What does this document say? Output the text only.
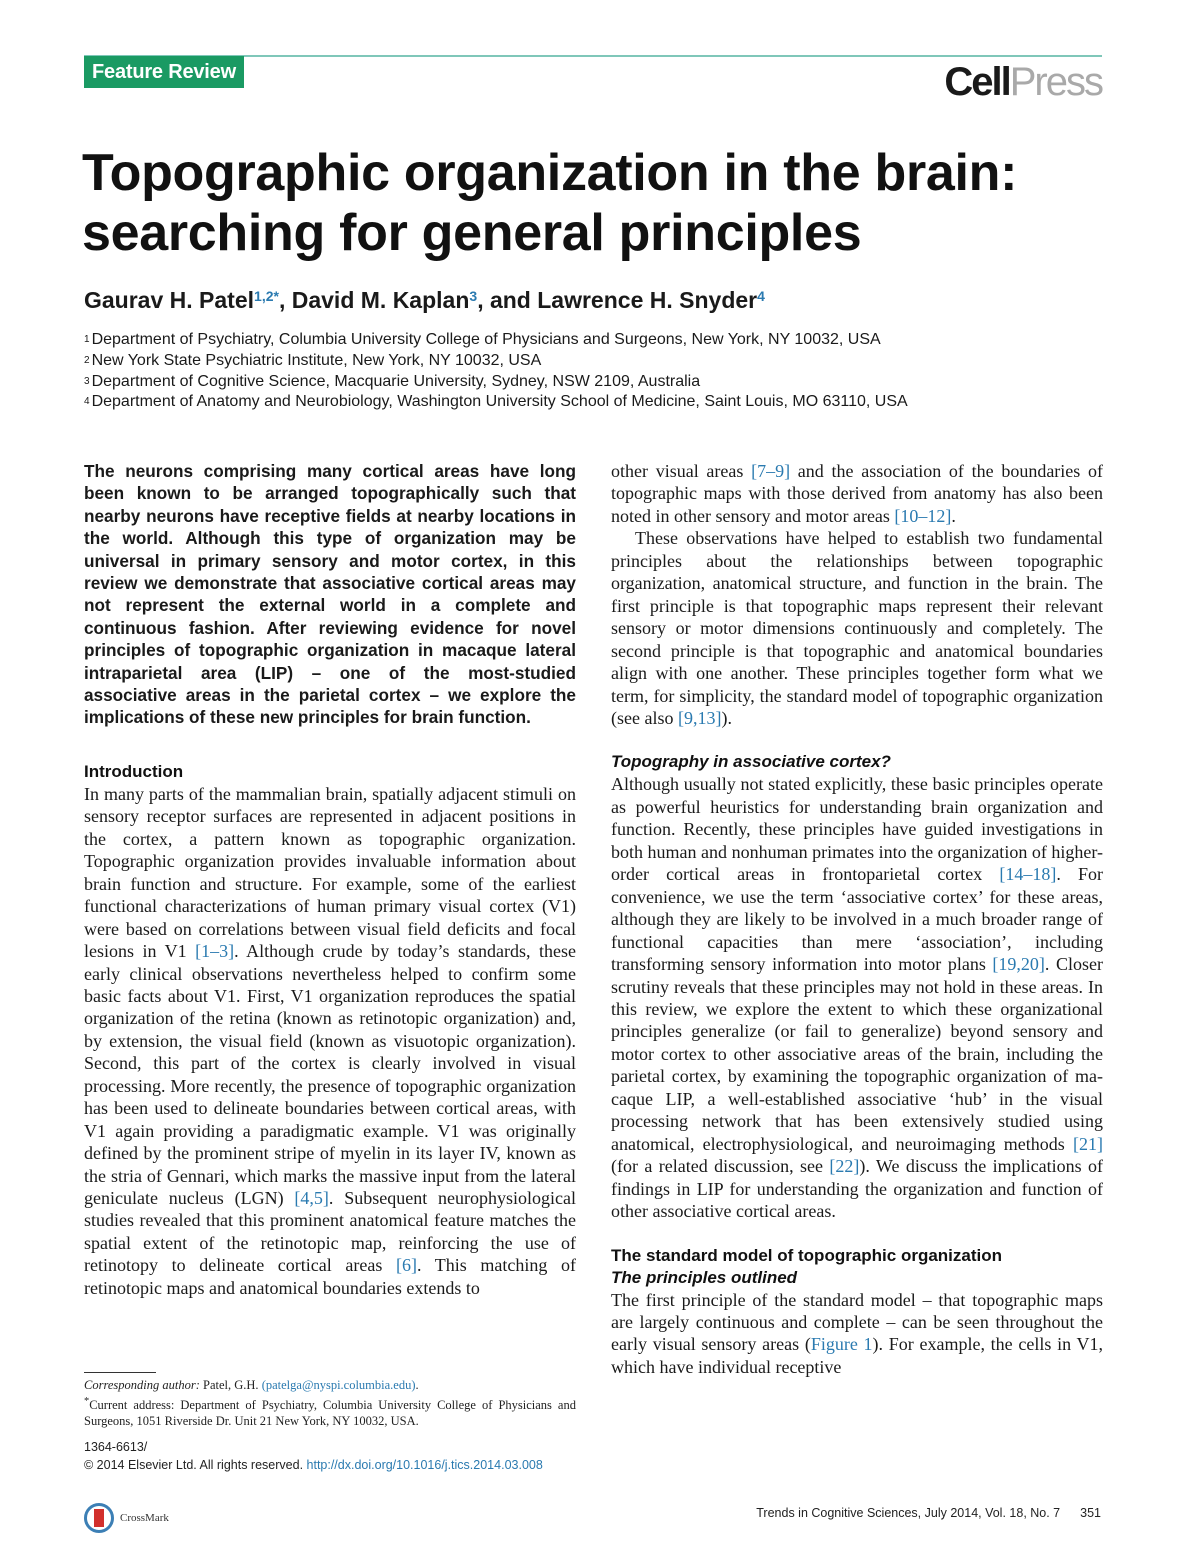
Feature Review	CellPress
Topographic organization in the brain:
searching for general principles
Gaurav H. Patel$^{1,2*}$, David M. Kaplan$^3$, and Lawrence H. Snyder$^4$
$^1$ Department of Psychiatry, Columbia University College of Physicians and Surgeons, New York, NY 10032, USA
$^2$ New York State Psychiatric Institute, New York, NY 10032, USA
$^3$ Department of Cognitive Science, Macquarie University, Sydney, NSW 2109, Australia
$^4$ Department of Anatomy and Neurobiology, Washington University School of Medicine, Saint Louis, MO 63110, USA

The neurons comprising many cortical areas have long been known to be arranged topographically such that nearby neurons have receptive fields at nearby locations in the world. Although this type of organization may be universal in primary sensory and motor cortex, in this review we demonstrate that associative cortical areas may not represent the external world in a complete and continuous fashion. After reviewing evidence for novel principles of topographic organization in macaque lateral intraparietal area (LIP) – one of the most-studied associative areas in the parietal cortex – we explore the implications of these new principles for brain function.

Introduction

In many parts of the mammalian brain, spatially adjacent stimuli on sensory receptor surfaces are represented in adjacent positions in the cortex, a pattern known as topographic organization. Topographic organization provides invaluable information about brain function and structure. For example, some of the earliest functional characterizations of human primary visual cortex (V1) were based on correlations between visual field deficits and focal lesions in V1 [1–3]. Although crude by today’s standards, these early clinical observations nevertheless helped to confirm some basic facts about V1. First, V1 organization reproduces the spatial organization of the retina (known as retinotopic organization) and, by extension, the visual field (known as visuotopic organization). Second, this part of the cortex is clearly involved in visual processing. More recently, the presence of topographic organization has been used to delineate boundaries between cortical areas, with V1 again providing a paradigmatic example. V1 was originally defined by the prominent stripe of myelin in its layer IV, known as the stria of Gennari, which marks the massive input from the lateral geniculate nucleus (LGN) [4,5]. Subsequent neurophysiological studies revealed that this prominent anatomical feature matches the spatial extent of the retinotopic map, reinforcing the use of retinotopy to delineate cortical areas [6]. This matching of retinotopic maps and anatomical boundaries extends to

Corresponding author: Patel, G.H. (patelga@nyspi.columbia.edu).

*Current address: Department of Psychiatry, Columbia University College of Physicians and Surgeons, 1051 Riverside Dr. Unit 21 New York, NY 10032, USA.

1364-6613/

© 2014 Elsevier Ltd. All rights reserved. http://dx.doi.org/10.1016/j.tics.2014.03.008

other visual areas [7–9] and the association of the boundaries of topographic maps with those derived from anatomy has also been noted in other sensory and motor areas [10–12].

These observations have helped to establish two fundamental principles about the relationships between topographic organization, anatomical structure, and function in the brain. The first principle is that topographic maps represent their relevant sensory or motor dimensions continuously and completely. The second principle is that topographic and anatomical boundaries align with one another. These principles together form what we term, for simplicity, the standard model of topographic organization (see also [9,13]).

Topography in associative cortex?

Although usually not stated explicitly, these basic principles operate as powerful heuristics for understanding brain organization and function. Recently, these principles have guided investigations in both human and nonhuman primates into the organization of higher-order cortical areas in frontoparietal cortex [14–18]. For convenience, we use the term ‘associative cortex’ for these areas, although they are likely to be involved in a much broader range of functional capacities than mere ‘association’, including transforming sensory information into motor plans [19,20]. Closer scrutiny reveals that these principles may not hold in these areas. In this review, we explore the extent to which these organizational principles generalize (or fail to generalize) beyond sensory and motor cortex to other associative areas of the brain, including the parietal cortex, by examining the topographic organization of macaque LIP, a well-established associative ‘hub’ in the visual processing network that has been extensively studied using anatomical, electrophysiological, and neuroimaging methods [21] (for a related discussion, see [22]). We discuss the implications of findings in LIP for understanding the organization and function of other associative cortical areas.

The standard model of topographic organization
The principles outlined

The first principle of the standard model – that topographic maps are largely continuous and complete – can be seen throughout the early visual sensory areas (Figure 1). For example, the cells in V1, which have individual receptive

Trends in Cognitive Sciences, July 2014, Vol. 18, No. 7 351
CrossMark
